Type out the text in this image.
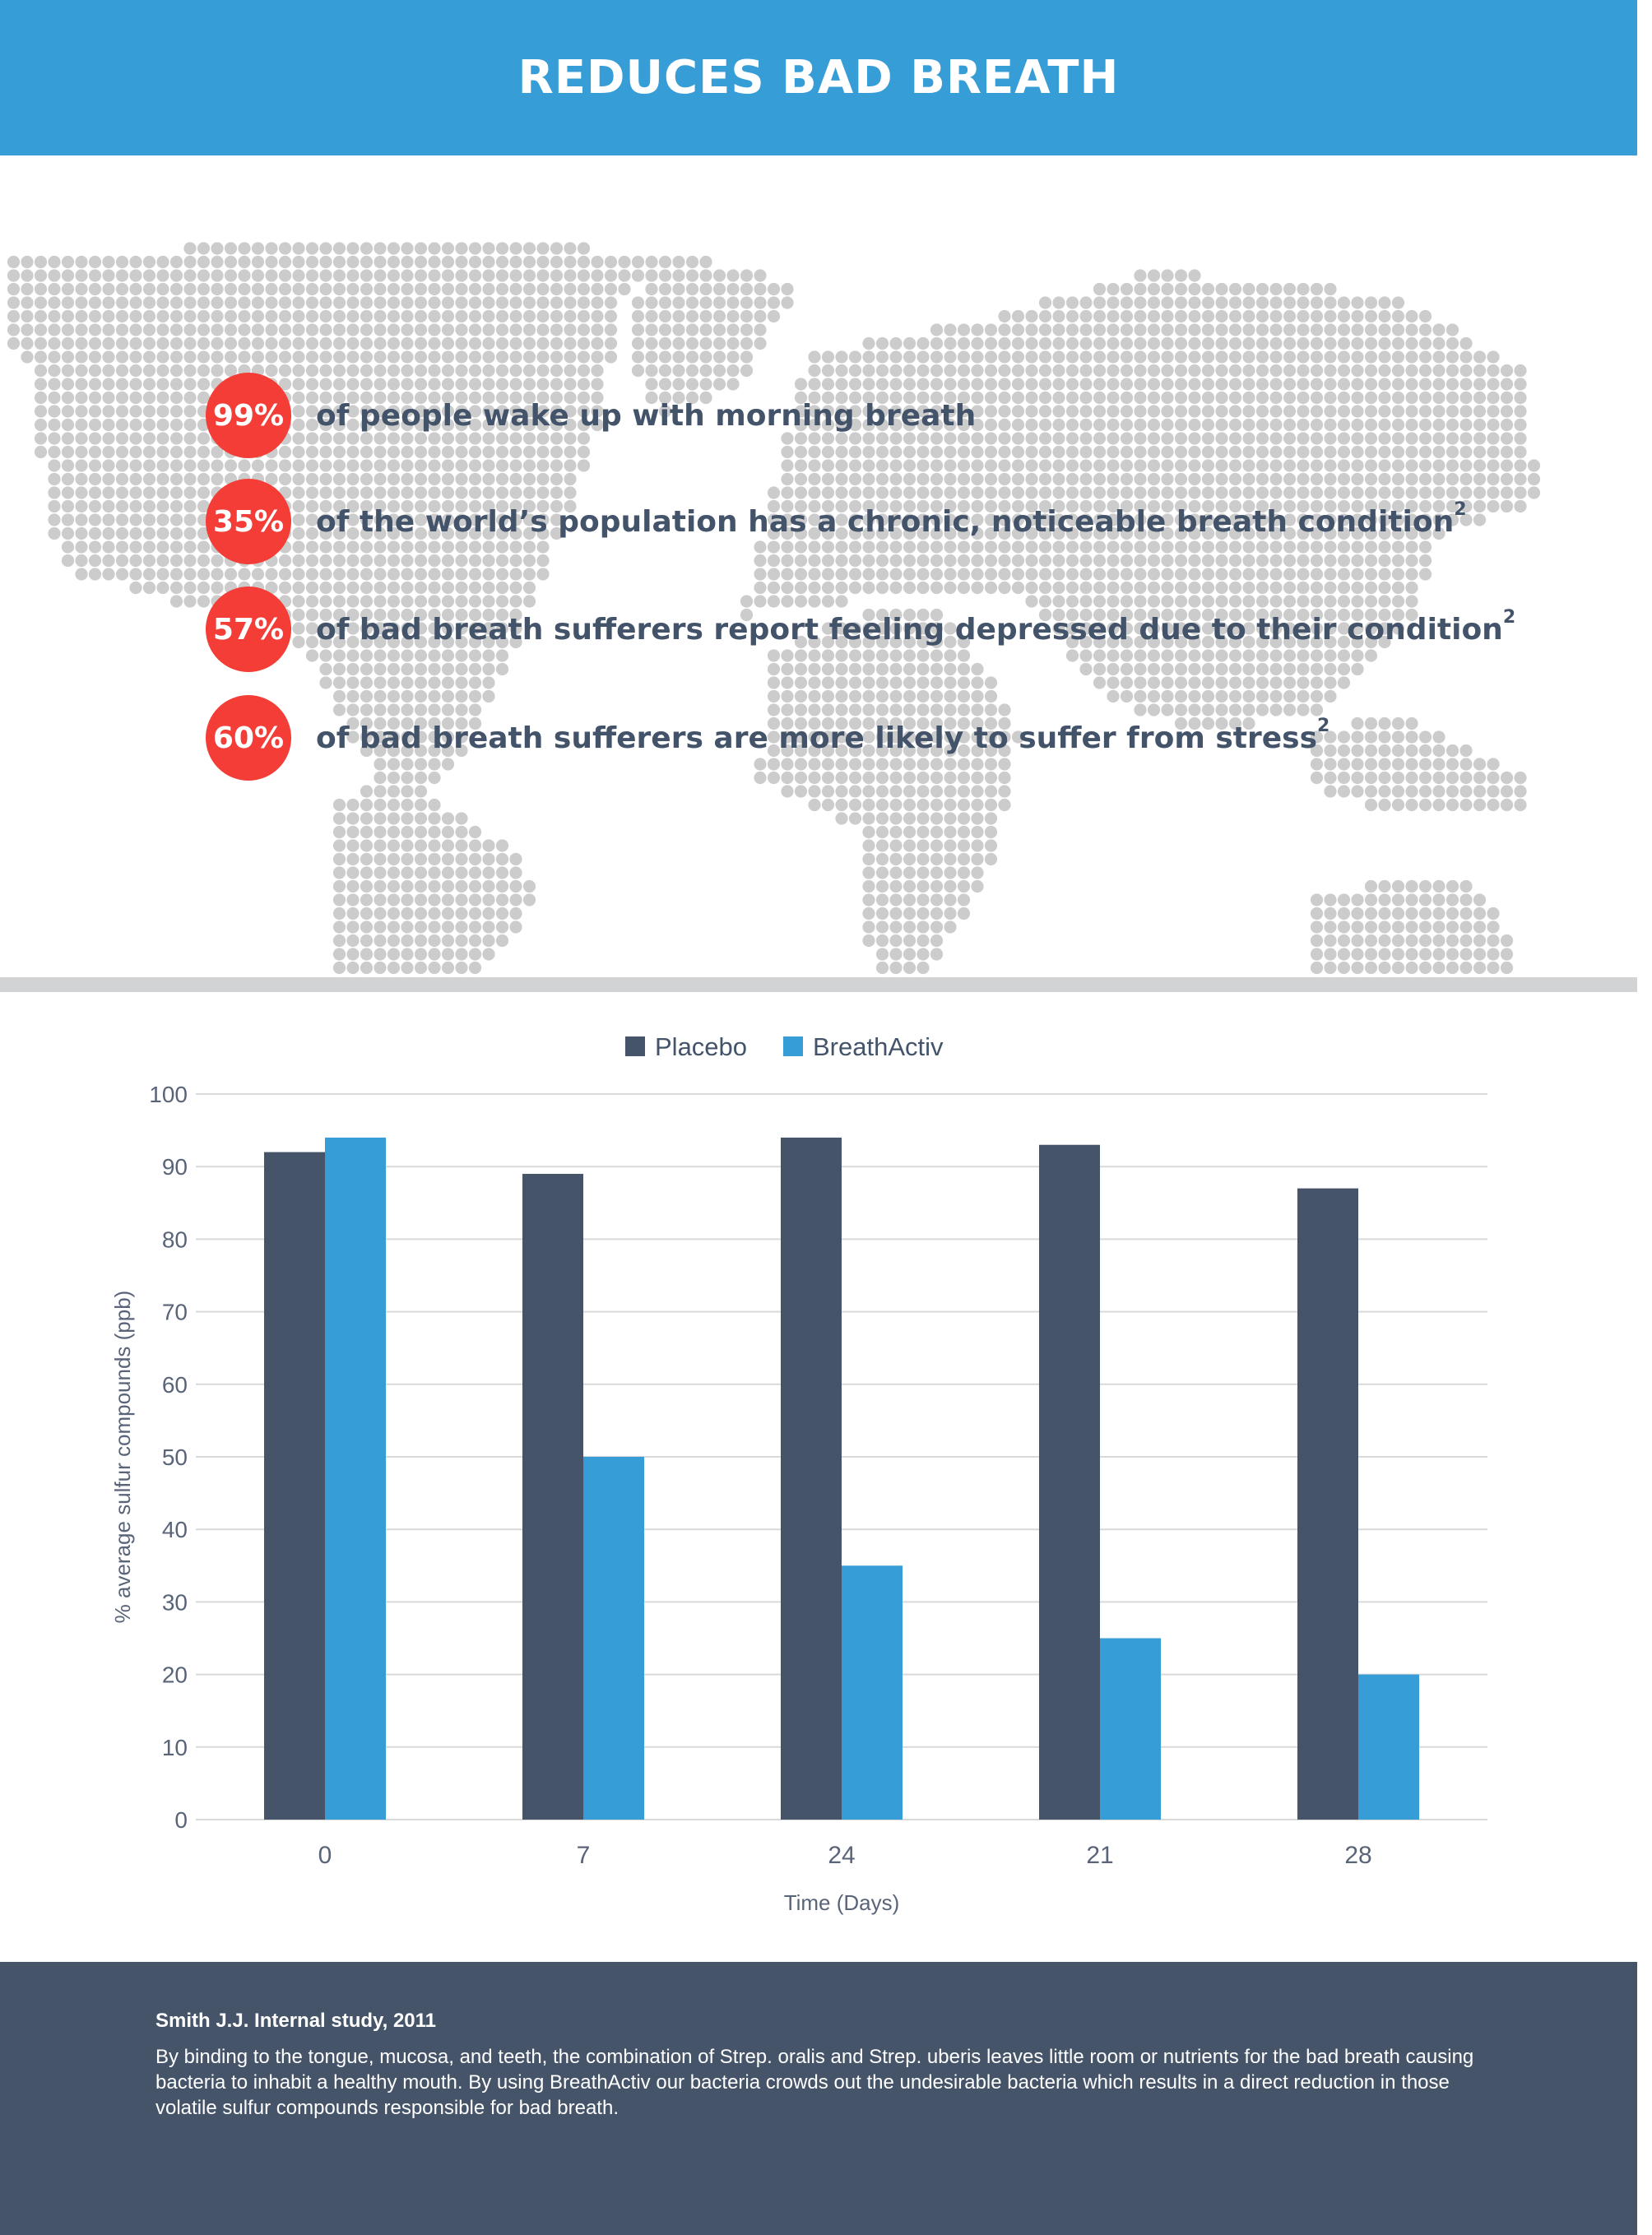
REDUCES BAD BREATH
99% of people wake up with morning breath
35% of the world’s population has a chronic, noticeable breath condition$^2$
57% of bad breath sufferers report feeling depressed due to their condition$^2$
60% of bad breath sufferers are more likely to suffer from stress$^2$
0
10
20
30
40
50
60
70
80
90
100
0	7	24	21	28
Time (Days)
% average sulfur compounds (ppb)
Placebo	BreathActiv
Smith J.J. Internal study, 2011
By binding to the tongue, mucosa, and teeth, the combination of Strep. oralis and Strep. uberis leaves little room or nutrients for the bad breath causing bacteria to inhabit a healthy mouth. By using BreathActiv our bacteria crowds out the undesirable bacteria which results in a direct reduction in those volatile sulfur compounds responsible for bad breath.
